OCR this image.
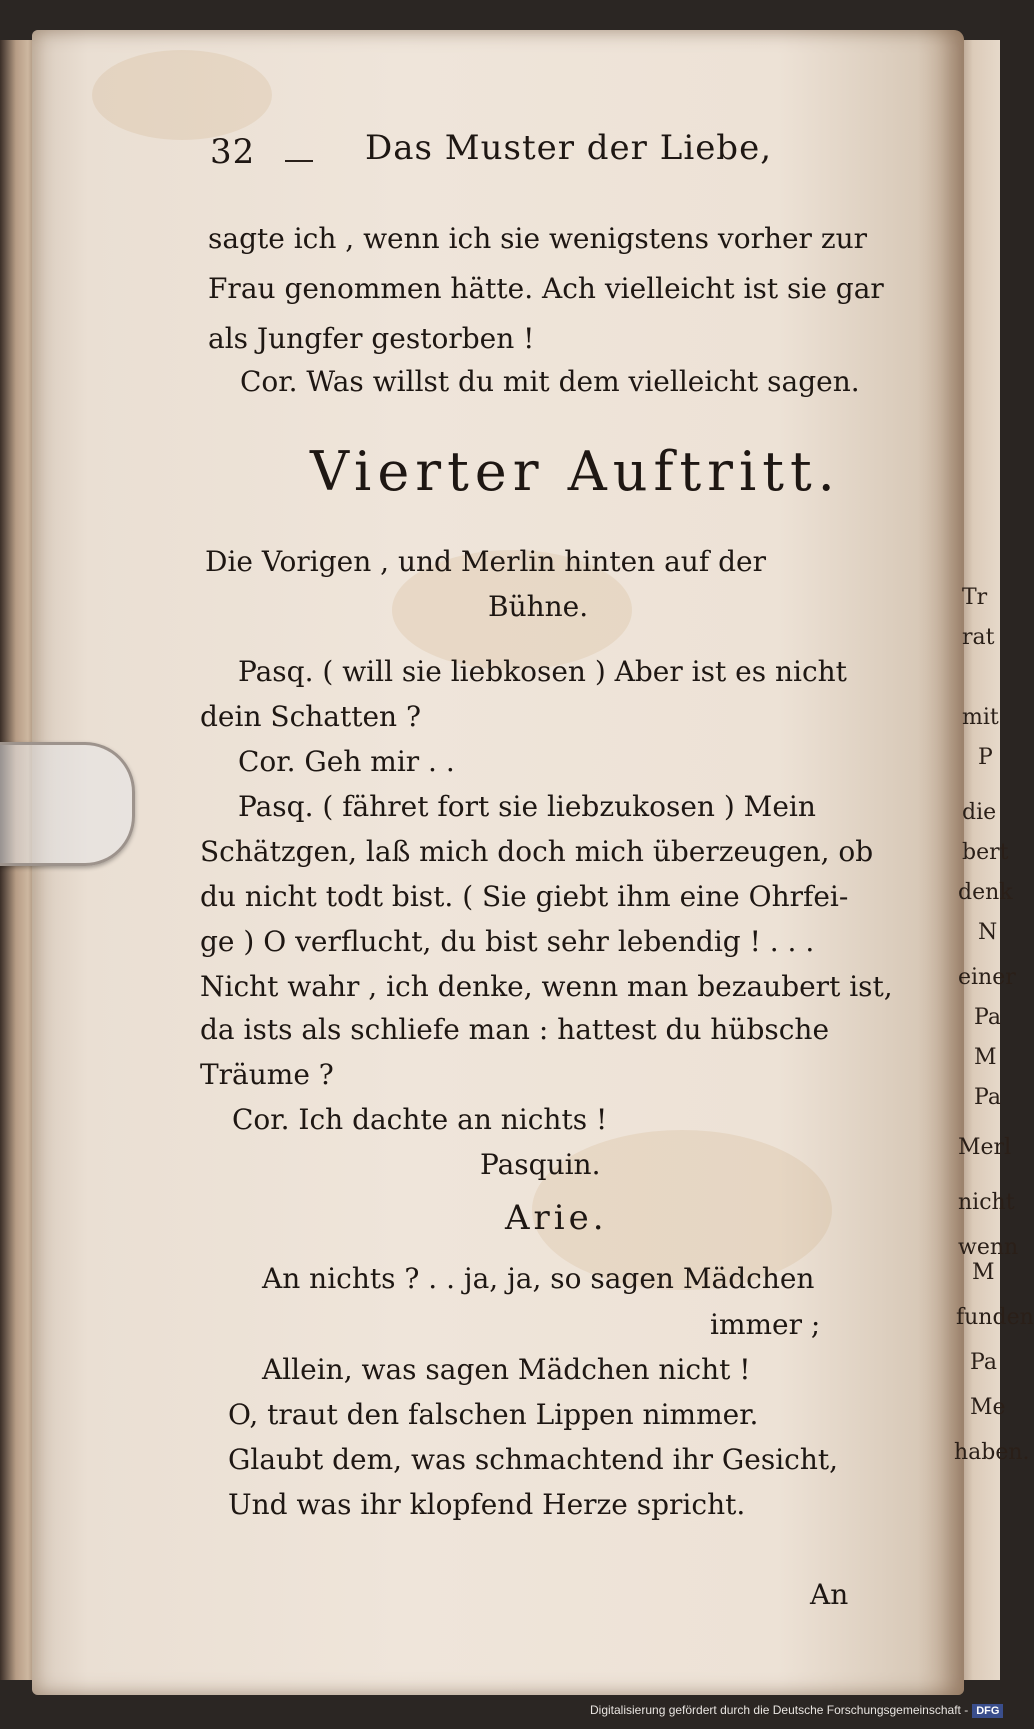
Tr
rat
mit
P
die
bert
denk
N
einer
Pa
M
Pa
Merl
nicht
wenn
M
funden
Pa
Me
haben.
32	Das Muster der Liebe,
sagte ich , wenn ich sie wenigstens vorher zur
Frau genommen hätte. Ach vielleicht ist sie gar
als Jungfer gestorben !
Cor. Was willst du mit dem vielleicht sagen.
Vierter Auftritt.
Die Vorigen , und Merlin hinten auf der
Bühne.
Pasq. ( will sie liebkosen ) Aber ist es nicht
dein Schatten ?
Cor. Geh mir . .
Pasq. ( fähret fort sie liebzukosen ) Mein
Schätzgen, laß mich doch mich überzeugen, ob
du nicht todt bist. ( Sie giebt ihm eine Ohrfei-
ge ) O verflucht, du bist sehr lebendig ! . . .
Nicht wahr , ich denke, wenn man bezaubert ist,
da ists als schliefe man : hattest du hübsche
Träume ?
Cor. Ich dachte an nichts !
Pasquin.
Arie.
An nichts ? . . ja, ja, so sagen Mädchen
immer ;
Allein, was sagen Mädchen nicht !
O, traut den falschen Lippen nimmer.
Glaubt dem, was schmachtend ihr Gesicht,
Und was ihr klopfend Herze spricht.
An
Digitalisierung gefördert durch die Deutsche Forschungsgemeinschaft - DFG
